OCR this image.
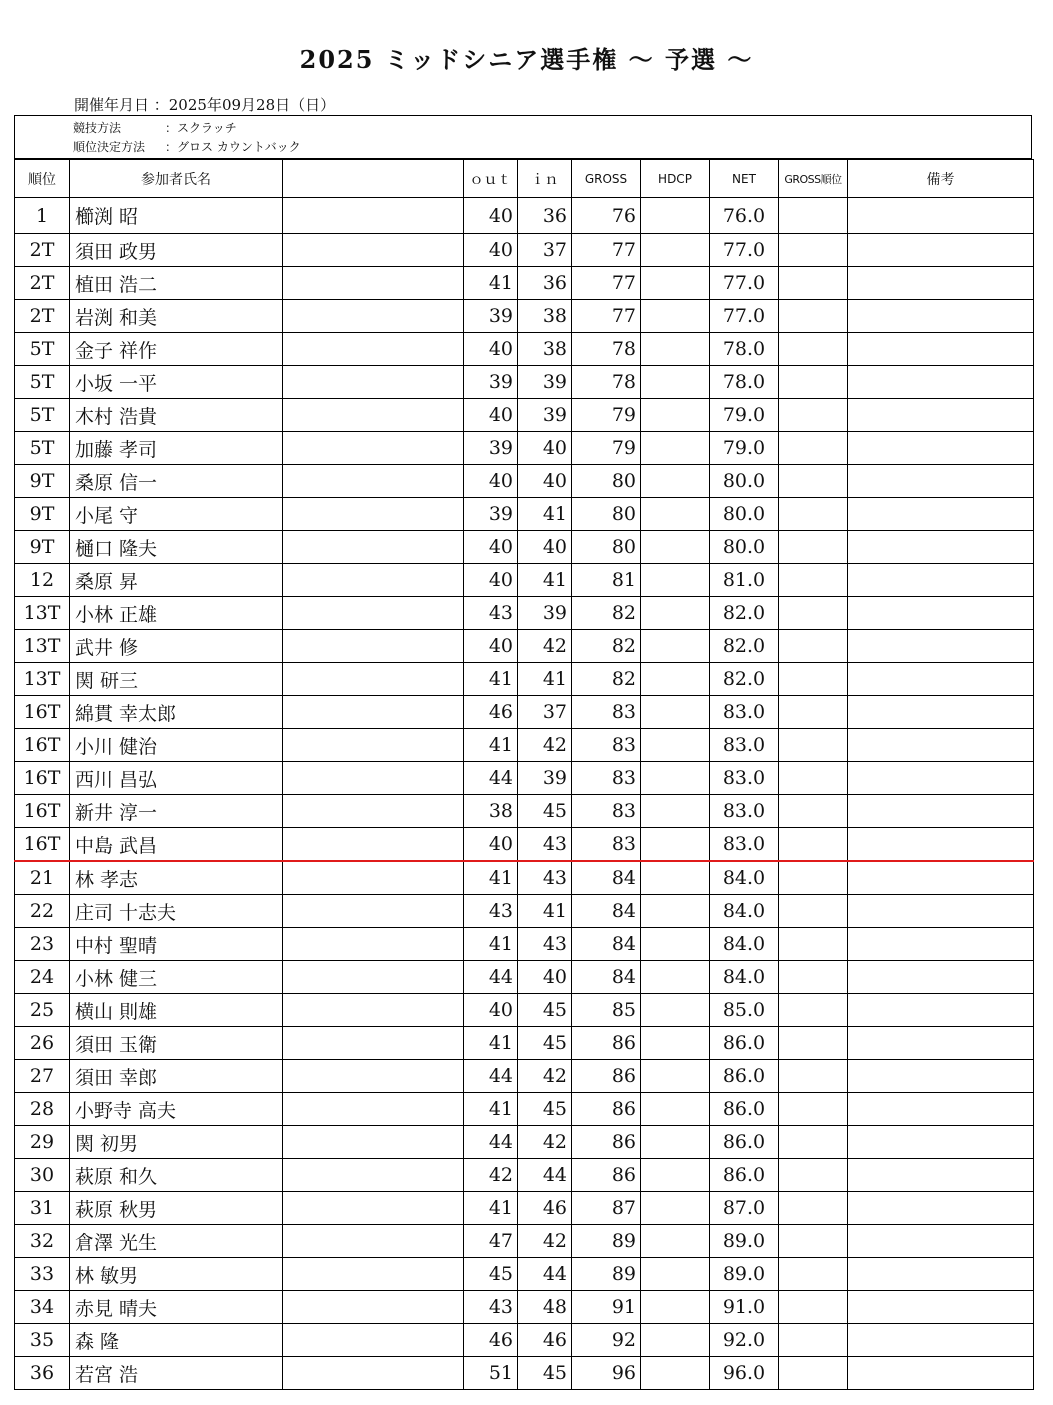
2025 ミッドシニア選手権 〜 予選 〜
開催年月日 ：2025年09月28日（日）
競技方法	：スクラッチ
順位決定方法 ：グロス カウントバック
順位	参加者氏名		ｏｕｔ	ｉｎ	GROSS	HDCP	NET	GROSS順位	備考
1	櫛渕 昭		40	36	76		76.0		
2T	須田 政男		40	37	77		77.0		
2T	植田 浩二		41	36	77		77.0		
2T	岩渕 和美		39	38	77		77.0		
5T	金子 祥作		40	38	78		78.0		
5T	小坂 一平		39	39	78		78.0		
5T	木村 浩貴		40	39	79		79.0		
5T	加藤 孝司		39	40	79		79.0		
9T	桑原 信一		40	40	80		80.0		
9T	小尾 守		39	41	80		80.0		
9T	樋口 隆夫		40	40	80		80.0		
12	桑原 昇		40	41	81		81.0		
13T	小林 正雄		43	39	82		82.0		
13T	武井 修		40	42	82		82.0		
13T	関 研三		41	41	82		82.0		
16T	綿貫 幸太郎		46	37	83		83.0		
16T	小川 健治		41	42	83		83.0		
16T	西川 昌弘		44	39	83		83.0		
16T	新井 淳一		38	45	83		83.0		
16T	中島 武昌		40	43	83		83.0		
21	林 孝志		41	43	84		84.0		
22	庄司 十志夫		43	41	84		84.0		
23	中村 聖晴		41	43	84		84.0		
24	小林 健三		44	40	84		84.0		
25	横山 則雄		40	45	85		85.0		
26	須田 玉衛		41	45	86		86.0		
27	須田 幸郎		44	42	86		86.0		
28	小野寺 高夫		41	45	86		86.0		
29	関 初男		44	42	86		86.0		
30	萩原 和久		42	44	86		86.0		
31	萩原 秋男		41	46	87		87.0		
32	倉澤 光生		47	42	89		89.0		
33	林 敏男		45	44	89		89.0		
34	赤見 晴夫		43	48	91		91.0		
35	森 隆		46	46	92		92.0		
36	若宮 浩		51	45	96		96.0		
